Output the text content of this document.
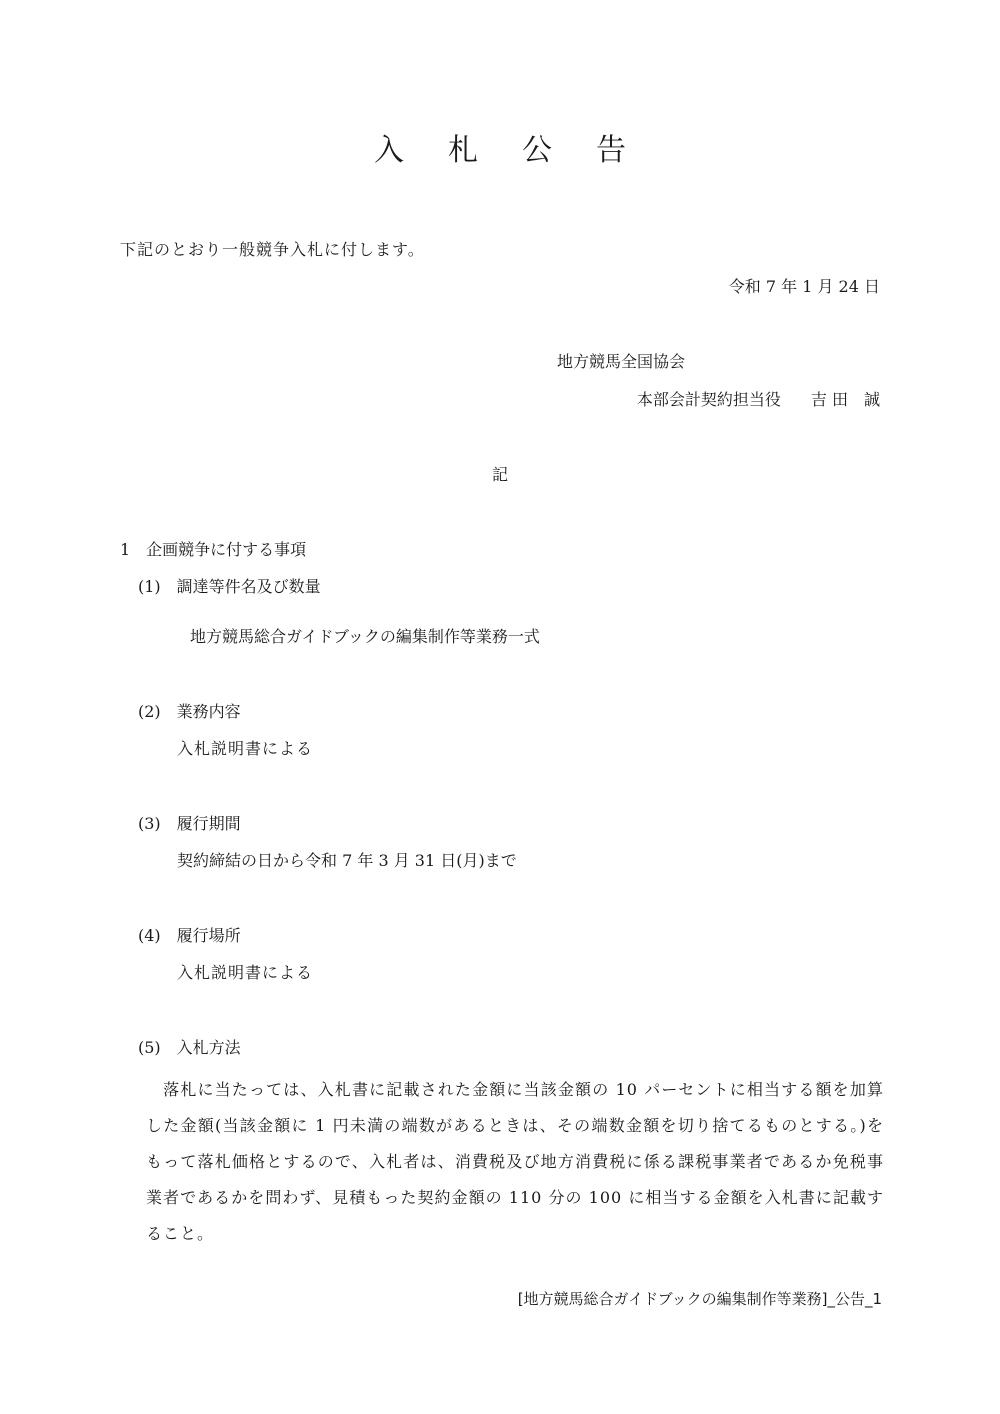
入 札 公 告
下記のとおり一般競争入札に付します。
令和 7 年 1 月 24 日
地方競馬全国協会
本部会計契約担当役 吉 田　誠
記
1　企画競争に付する事項
(1)　調達等件名及び数量
地方競馬総合ガイドブックの編集制作等業務一式
(2)　業務内容
入札説明書による
(3)　履行期間
契約締結の日から令和 7 年 3 月 31 日(月)まで
(4)　履行場所
入札説明書による
(5)　入札方法
　落札に当たっては、入札書に記載された金額に当該金額の 10 パーセントに相当する額を加算した金額(当該金額に 1 円未満の端数があるときは、その端数金額を切り捨てるものとする。)をもって落札価格とするので、入札者は、消費税及び地方消費税に係る課税事業者であるか免税事業者であるかを問わず、見積もった契約金額の 110 分の 100 に相当する金額を入札書に記載すること。
[地方競馬総合ガイドブックの編集制作等業務]_公告_1
